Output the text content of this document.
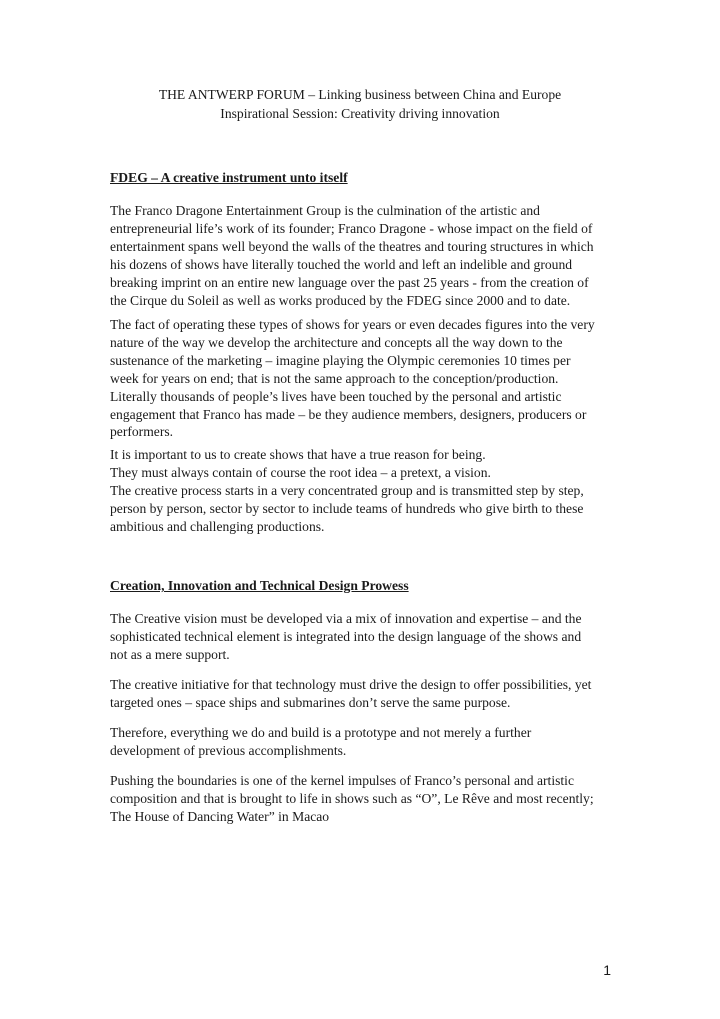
THE ANTWERP FORUM – Linking business between China and Europe
Inspirational Session: Creativity driving innovation
FDEG – A creative instrument unto itself
The Franco Dragone Entertainment Group is the culmination of the artistic and
entrepreneurial life’s work of its founder; Franco Dragone - whose impact on the field of
entertainment spans well beyond the walls of the theatres and touring structures in which
his dozens of shows have literally touched the world and left an indelible and ground
breaking imprint on an entire new language over the past 25 years - from the creation of
the Cirque du Soleil as well as works produced by the FDEG since 2000 and to date.
The fact of operating these types of shows for years or even decades figures into the very
nature of the way we develop the architecture and concepts all the way down to the
sustenance of the marketing – imagine playing the Olympic ceremonies 10 times per
week for years on end; that is not the same approach to the conception/production.
Literally thousands of people’s lives have been touched by the personal and artistic
engagement that Franco has made – be they audience members, designers, producers or
performers.
It is important to us to create shows that have a true reason for being.
They must always contain of course the root idea – a pretext, a vision.
The creative process starts in a very concentrated group and is transmitted step by step,
person by person, sector by sector to include teams of hundreds who give birth to these
ambitious and challenging productions.
Creation, Innovation and Technical Design Prowess
The Creative vision must be developed via a mix of innovation and expertise – and the
sophisticated technical element is integrated into the design language of the shows and
not as a mere support.
The creative initiative for that technology must drive the design to offer possibilities, yet
targeted ones – space ships and submarines don’t serve the same purpose.
Therefore, everything we do and build is a prototype and not merely a further
development of previous accomplishments.
Pushing the boundaries is one of the kernel impulses of Franco’s personal and artistic
composition and that is brought to life in shows such as “O”, Le Rêve and most recently;
The House of Dancing Water” in Macao
1
